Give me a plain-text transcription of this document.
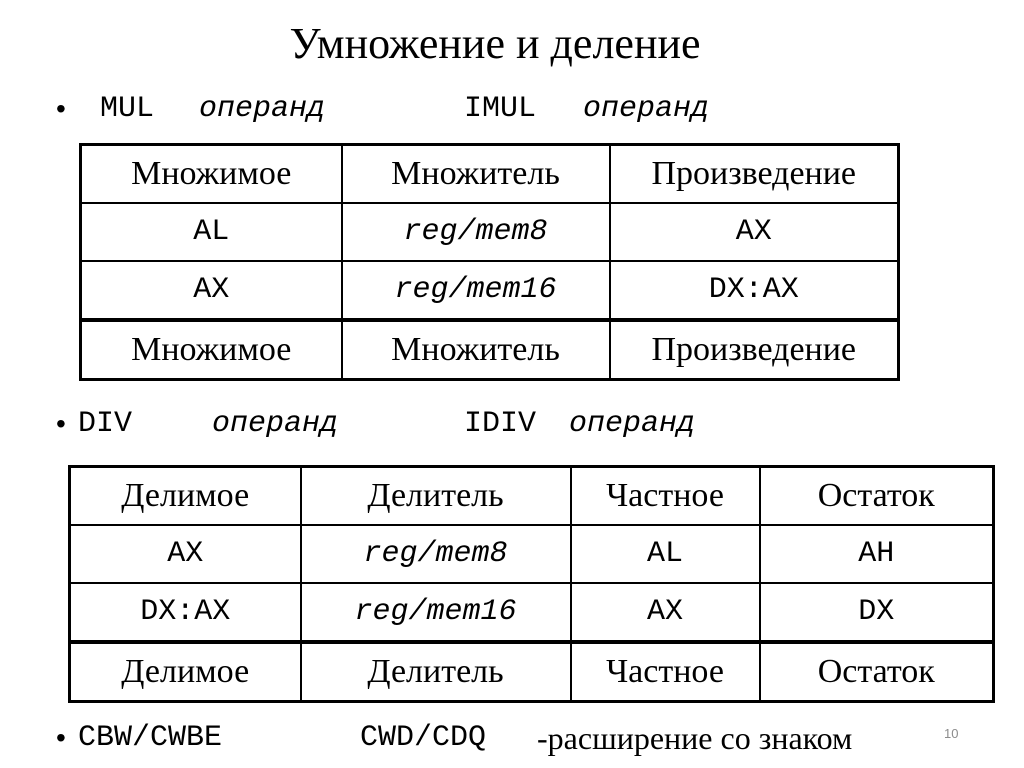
Умножение и деление
• MUL операнд	IMUL операнд
Множимое	Множитель	Произведение
AL	reg/mem8	AX
AX	reg/mem16	DX:AX
Множимое	Множитель	Произведение
• DIV	операнд	IDIV операнд
Делимое	Делитель	Частное	Остаток
AX	reg/mem8	AL	AH
DX:AX	reg/mem16	AX	DX
Делимое	Делитель	Частное	Остаток
• CBW/CWBE	CWD/CDQ -расширение со знаком	10
